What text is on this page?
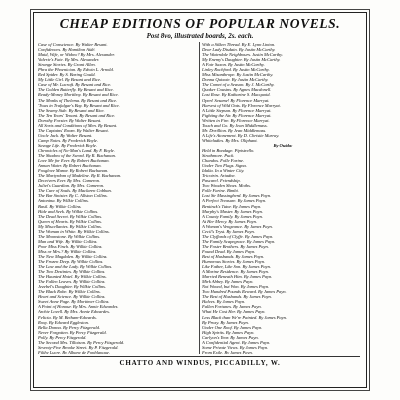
CHEAP EDITIONS OF POPULAR NOVELS.
Post 8vo, illustrated boards, 2s. each.
Case of Conscience. By Walter Besant.
Confidences. By Hamilton Aïdé.
Maid, Wife, or Widow? By Mrs. Alexander.
Valerie's Fate. By Mrs. Alexander.
Strange Stories. By Grant Allen.
Phra the Phoenician. By Edwin L. Arnold.
Red Spider. By S. Baring Gould.
My Little Girl. By Besant and Rice.
Case of Mr. Lucraft. By Besant and Rice.
The Golden Butterfly. By Besant and Rice.
Ready-Money Mortiboy. By Besant and Rice.
The Monks of Thelema. By Besant and Rice.
'Twas in Trafalgar's Bay. By Besant and Rice.
The Seamy Side. By Besant and Rice.
The Ten Years' Tenant. By Besant and Rice.
Dorothy Forster. By Walter Besant.
All Sorts and Conditions of Men. By Besant.
The Captains' Room. By Walter Besant.
Uncle Jack. By Walter Besant.
Camp Notes. By Frederick Boyle.
Savage Life. By Frederick Boyle.
Chronicles of No-Man's Land. By F. Boyle.
The Shadow of the Sword. By R. Buchanan.
Love Me for Ever. By Robert Buchanan.
Annan Water. By Robert Buchanan.
Foxglove Manor. By Robert Buchanan.
The Martyrdom of Madeline. By R. Buchanan.
Deceivers Ever. By Mrs. Cameron.
Juliet's Guardian. By Mrs. Cameron.
The Cure of Souls. By Maclaren Cobban.
The Bar Sinister. By C. Allston Collins.
Antonina. By Wilkie Collins.
Basil. By Wilkie Collins.
Hide and Seek. By Wilkie Collins.
The Dead Secret. By Wilkie Collins.
Queen of Hearts. By Wilkie Collins.
My Miscellanies. By Wilkie Collins.
The Woman in White. By Wilkie Collins.
The Moonstone. By Wilkie Collins.
Man and Wife. By Wilkie Collins.
Poor Miss Finch. By Wilkie Collins.
Miss or Mrs.? By Wilkie Collins.
The New Magdalen. By Wilkie Collins.
The Frozen Deep. By Wilkie Collins.
The Law and the Lady. By Wilkie Collins.
The Two Destinies. By Wilkie Collins.
The Haunted Hotel. By Wilkie Collins.
The Fallen Leaves. By Wilkie Collins.
Jezebel's Daughter. By Wilkie Collins.
The Black Robe. By Wilkie Collins.
Heart and Science. By Wilkie Collins.
Sweet Anne Page. By Mortimer Collins.
A Point of Honour. By Mrs. Annie Edwardes.
Archie Lovell. By Mrs. Annie Edwardes.
Felicia. By M. Betham-Edwards.
Roxy. By Edward Eggleston.
Bella Donna. By Percy Fitzgerald.
Never Forgotten. By Percy Fitzgerald.
Polly. By Percy Fitzgerald.
The Second Mrs. Tillotson. By Percy Fitzgerald.
Seventy-Five Brooke Street. By P. Fitzgerald.
Filthy Lucre. By Albany de Fonblanque.
With a Silken Thread. By E. Lynn Linton.
Dear Lady Disdain. By Justin McCarthy.
The Waterdale Neighbours. Justin McCarthy.
My Enemy's Daughter. By Justin McCarthy.
A Fair Saxon. By Justin McCarthy.
Linley Rochford. By Justin McCarthy.
Miss Misanthrope. By Justin McCarthy.
Donna Quixote. By Justin McCarthy.
The Comet of a Season. By J. McCarthy.
Quaker Cousins. By Agnes Macdonell.
Lost Rose. By Katharine S. Macquoid.
Open! Sesame! By Florence Marryat.
Harvest of Wild Oats. By Florence Marryat.
A Little Stepson. By Florence Marryat.
Fighting the Air. By Florence Marryat.
Written in Fire. By Florence Marryat.
Touch and Go. By Jean Middlemass.
Mr. Dorillion. By Jean Middlemass.
A Life's Atonement. By D. Christie Murray.
Whiteladies. By Mrs. Oliphant.
By Ouida:
Held in Bondage. Pipistrello.
Strathmore. Puck.
Chandos. Folle Farine.
Under Two Flags. Signa.
Idalia. In a Winter City.
Tricotrin. Ariadne.
Pascarel. Friendship.
Two Wooden Shoes. Moths.
Folle Farine. Bimbi.
Lost Sir Massingberd. By James Payn.
A Perfect Treasure. By James Payn.
Bentinck's Tutor. By James Payn.
Murphy's Master. By James Payn.
A County Family. By James Payn.
At Her Mercy. By James Payn.
A Woman's Vengeance. By James Payn.
Cecil's Tryst. By James Payn.
The Clyffards of Clyffe. By James Payn.
The Family Scapegrace. By James Payn.
The Foster Brothers. By James Payn.
Found Dead. By James Payn.
Best of Husbands. By James Payn.
Humorous Stories. By James Payn.
Like Father, Like Son. By James Payn.
A Marine Residence. By James Payn.
Married Beneath Him. By James Payn.
Mirk Abbey. By James Payn.
Not Wooed, but Won. By James Payn.
Two Hundred Pounds Reward. By James Payn.
The Best of Husbands. By James Payn.
Halves. By James Payn.
Fallen Fortunes. By James Payn.
What He Cost Her. By James Payn.
Less Black than We're Painted. By James Payn.
By Proxy. By James Payn.
Under One Roof. By James Payn.
High Spirits. By James Payn.
Carlyon's Year. By James Payn.
A Confidential Agent. By James Payn.
Some Private Views. By James Payn.
From Exile. By James Payn.
CHATTO AND WINDUS, PICCADILLY, W.
